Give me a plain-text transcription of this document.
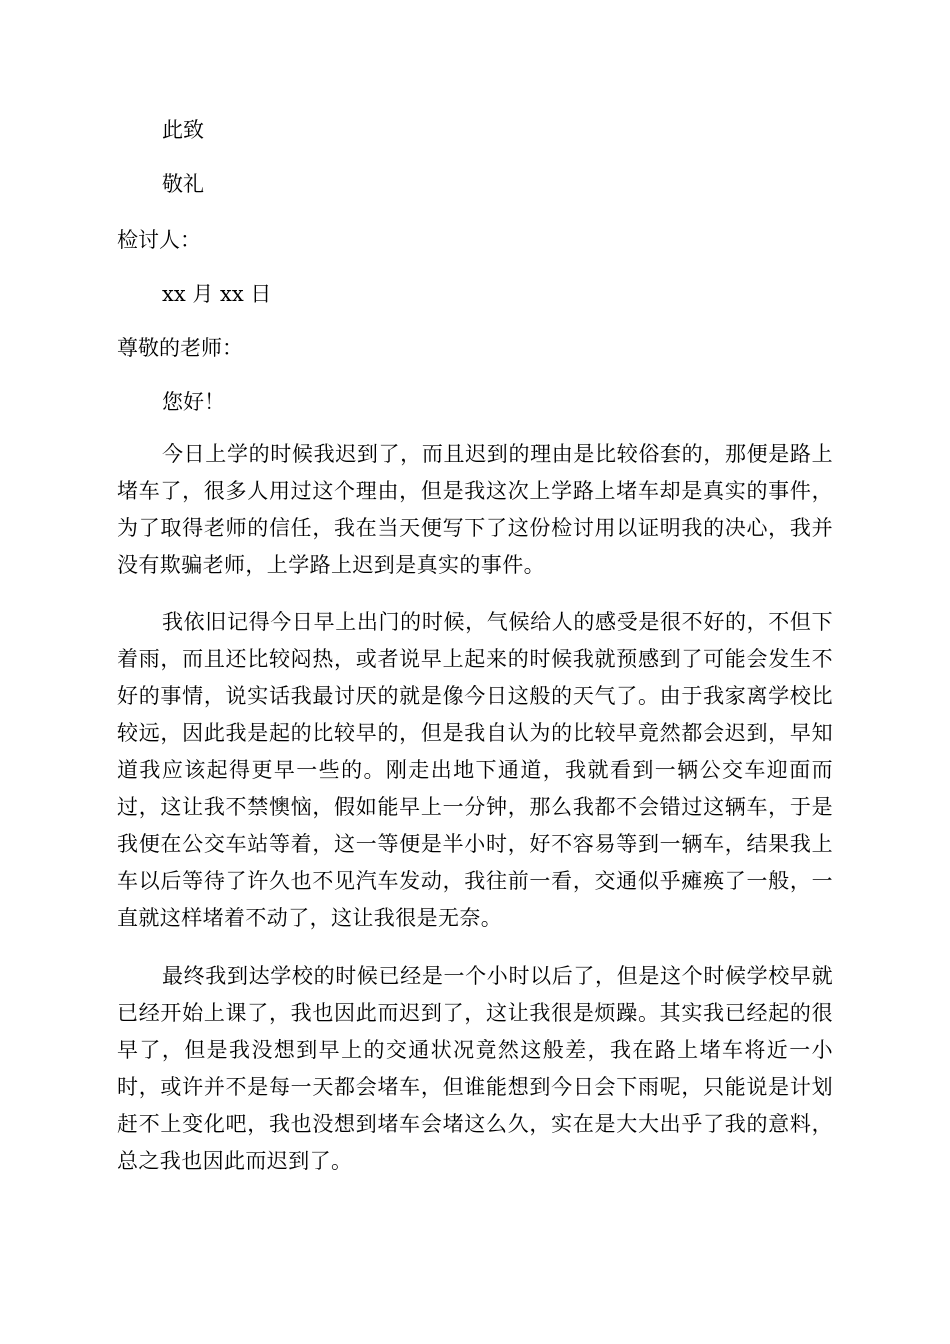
此致

敬礼

检讨人：

xx 月 xx 日

尊敬的老师：

您好！

今日上学的时候我迟到了，而且迟到的理由是比较俗套的，那便是路上堵车了，很多人用过这个理由，但是我这次上学路上堵车却是真实的事件，为了取得老师的信任，我在当天便写下了这份检讨用以证明我的决心，我并没有欺骗老师，上学路上迟到是真实的事件。

我依旧记得今日早上出门的时候，气候给人的感受是很不好的，不但下着雨，而且还比较闷热，或者说早上起来的时候我就预感到了可能会发生不好的事情，说实话我最讨厌的就是像今日这般的天气了。由于我家离学校比较远，因此我是起的比较早的，但是我自认为的比较早竟然都会迟到，早知道我应该起得更早一些的。刚走出地下通道，我就看到一辆公交车迎面而过，这让我不禁懊恼，假如能早上一分钟，那么我都不会错过这辆车，于是我便在公交车站等着，这一等便是半小时，好不容易等到一辆车，结果我上车以后等待了许久也不见汽车发动，我往前一看，交通似乎瘫痪了一般，一直就这样堵着不动了，这让我很是无奈。

最终我到达学校的时候已经是一个小时以后了，但是这个时候学校早就已经开始上课了，我也因此而迟到了，这让我很是烦躁。其实我已经起的很早了，但是我没想到早上的交通状况竟然这般差，我在路上堵车将近一小时，或许并不是每一天都会堵车，但谁能想到今日会下雨呢，只能说是计划赶不上变化吧，我也没想到堵车会堵这么久，实在是大大出乎了我的意料，总之我也因此而迟到了。
